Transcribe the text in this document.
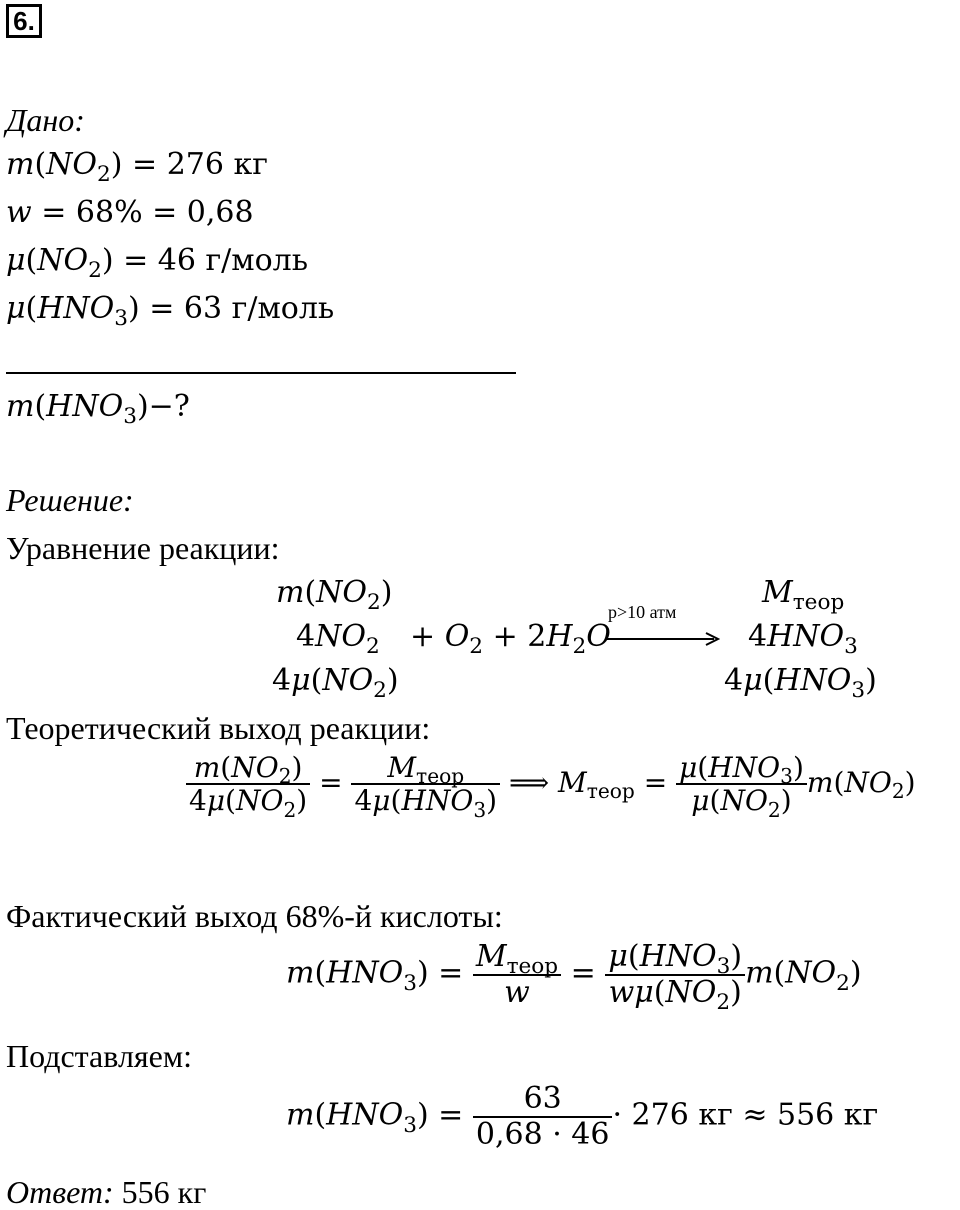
6.
Дано:
$m(NO_2) = 276$ кг
w = 68% = 0,68
$\mu(NO_2) = 46$ г/моль
$\mu(HNO_3) = 63$ г/моль
$m(HNO_3)-$?
Решение:
Уравнение реакции:
$m(NO_2)$
$4NO_2 + O_2 + 2H_2O$
p>10 атм
$M_{теор}$
$4HNO_3$
$4\mu(NO_2)$	$4\mu(HNO_3)$
Теоретический выход реакции:
$\frac{m(NO_2)}{4\mu(NO_2)} = \frac{M_{теор}}{4\mu(HNO_3)}$ ⟹ $M_{теор} = \frac{\mu(HNO_3)}{\mu(NO_2)} m(NO_2)$
Фактический выход 68%-й кислоты:
$m(HNO_3) = \frac{M_{теор}}{w} = \frac{\mu(HNO_3)}{w\mu(NO_2)} m(NO_2)$
Подставляем:
$m(HNO_3) = \frac{63}{0,68 \cdot 46} \cdot 276$ кг ≈ 556 кг
Ответ: 556 кг
